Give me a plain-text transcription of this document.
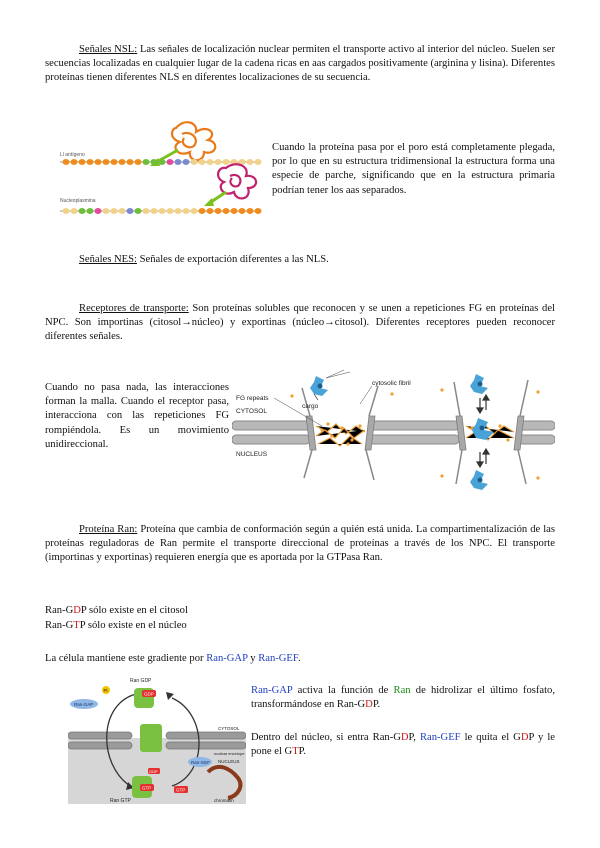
Señales NSL: Las señales de localización nuclear permiten el transporte activo al interior del núcleo. Suelen ser secuencias localizadas en cualquier lugar de la cadena ricas en aas cargados positivamente (arginina y lisina). Diferentes proteínas tienen diferentes NLS en diferentes localizaciones de su secuencia.
Ll antígeno
Nucleoplasmina
Cuando la proteína pasa por el poro está completamente plegada, por lo que en su estructura tridimensional la estructura forma una especie de parche, significando que en la estructura primaria podrían tener los aas separados.
Señales NES: Señales de exportación diferentes a las NLS.
Receptores de transporte: Son proteínas solubles que reconocen y se unen a repeticiones FG en proteínas del NPC. Son importinas (citosol→núcleo) y exportinas (núcleo→citosol). Diferentes receptores pueden reconocer diferentes señales.
Cuando no pasa nada, las interacciones forman la malla. Cuando el receptor pasa, interacciona con las repeticiones FG rompiéndola. Es un movimiento unidireccional.
FG repeats
CYTOSOL
NUCLEUS
cargo
cytosolic fibril
Proteína Ran: Proteína que cambia de conformación según a quién está unida. La compartimentalización de las proteínas reguladoras de Ran permite el transporte direccional de proteínas a través de los NPC. El transporte (importinas y exportinas) requieren energía que es aportada por la GTPasa Ran.
Ran-GDP sólo existe en el citosol
Ran-GTP sólo existe en el núcleo
La célula mantiene este gradiente por Ran-GAP y Ran-GEF.
GDP
Ran GDP
Pi
Ran-GAP
CYTOSOL
nuclear envelope
NUCLEUS
Ran-GEF
GDP
GTP
GTP
Ran GTP	chromatin
Ran-GAP activa la función de Ran de hidrolizar el último fosfato, transformándose en Ran-GDP.
Dentro del núcleo, si entra Ran-GDP, Ran-GEF le quita el GDP y le pone el GTP.
